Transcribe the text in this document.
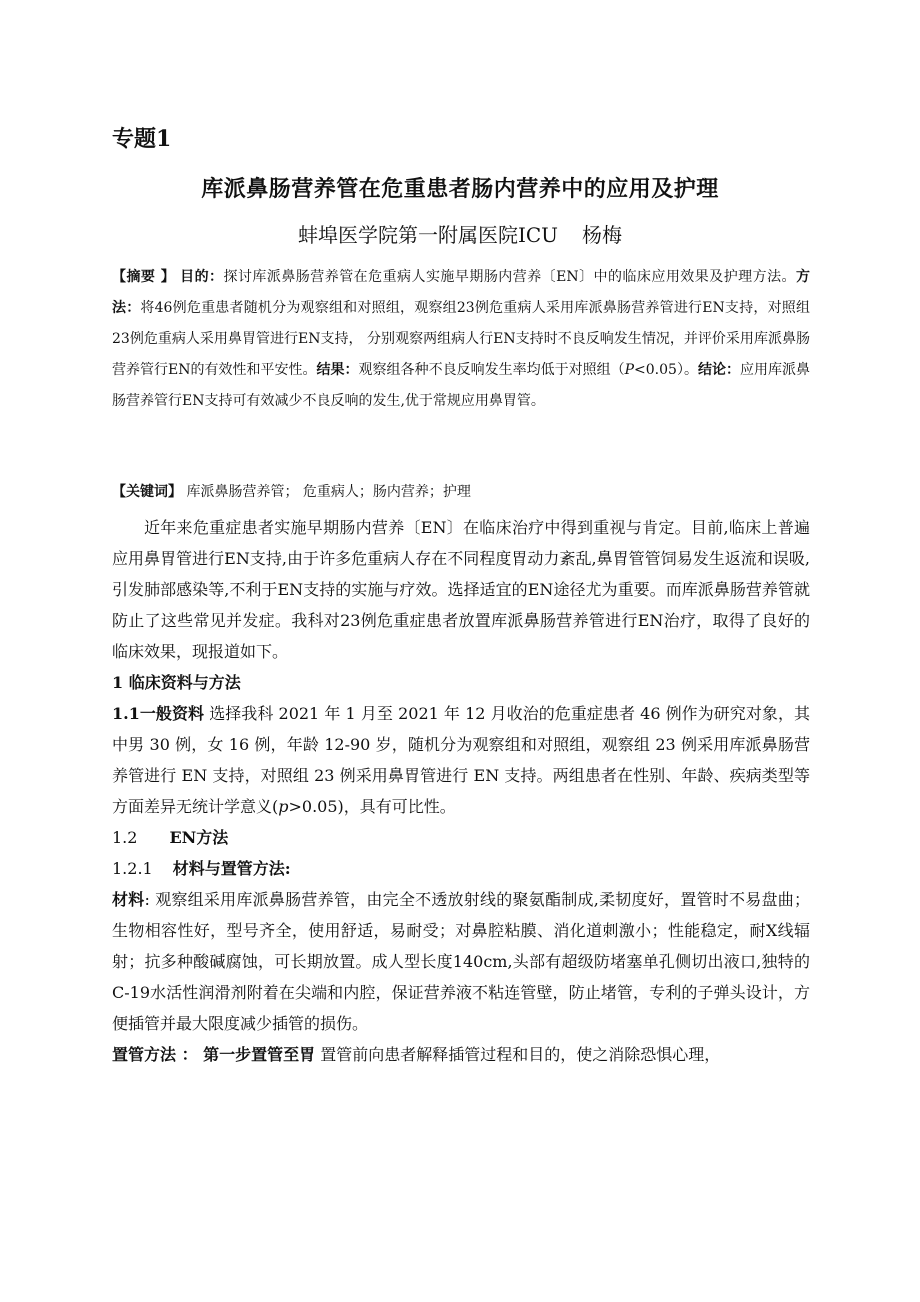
专题1
库派鼻肠营养管在危重患者肠内营养中的应用及护理
蚌埠医学院第一附属医院ICU 杨梅
【摘要 】 目的：探讨库派鼻肠营养管在危重病人实施早期肠内营养〔EN〕中的临床应用效果及护理方法。方法：将46例危重患者随机分为观察组和对照组，观察组23例危重病人采用库派鼻肠营养管进行EN支持，对照组23例危重病人采用鼻胃管进行EN支持， 分别观察两组病人行EN支持时不良反响发生情况，并评价采用库派鼻肠营养管行EN的有效性和平安性。结果：观察组各种不良反响发生率均低于对照组（P<0.05）。结论：应用库派鼻肠营养管行EN支持可有效减少不良反响的发生,优于常规应用鼻胃管。
【关键词】 库派鼻肠营养管； 危重病人；肠内营养；护理

近年来危重症患者实施早期肠内营养〔EN〕在临床治疗中得到重视与肯定。目前,临床上普遍应用鼻胃管进行EN支持,由于许多危重病人存在不同程度胃动力紊乱,鼻胃管管饲易发生返流和误吸,引发肺部感染等,不利于EN支持的实施与疗效。选择适宜的EN途径尤为重要。而库派鼻肠营养管就防止了这些常见并发症。我科对23例危重症患者放置库派鼻肠营养管进行EN治疗，取得了良好的临床效果，现报道如下。

1 临床资料与方法

1.1一般资料 选择我科 2021 年 1 月至 2021 年 12 月收治的危重症患者 46 例作为研究对象，其中男 30 例，女 16 例，年龄 12-90 岁，随机分为观察组和对照组，观察组 23 例采用库派鼻肠营养管进行 EN 支持，对照组 23 例采用鼻胃管进行 EN 支持。两组患者在性别、年龄、疾病类型等方面差异无统计学意义(p>0.05)，具有可比性。

1.2 EN方法

1.2.1 材料与置管方法:

材料: 观察组采用库派鼻肠营养管，由完全不透放射线的聚氨酯制成,柔韧度好，置管时不易盘曲；生物相容性好，型号齐全，使用舒适，易耐受；对鼻腔粘膜、消化道刺激小；性能稳定，耐X线辐射；抗多种酸碱腐蚀，可长期放置。成人型长度140cm,头部有超级防堵塞单孔侧切出液口,独特的C-19水活性润滑剂附着在尖端和内腔，保证营养液不粘连管壁，防止堵管，专利的子弹头设计，方便插管并最大限度减少插管的损伤。

置管方法 ： 第一步置管至胃 置管前向患者解释插管过程和目的，使之消除恐惧心理，
